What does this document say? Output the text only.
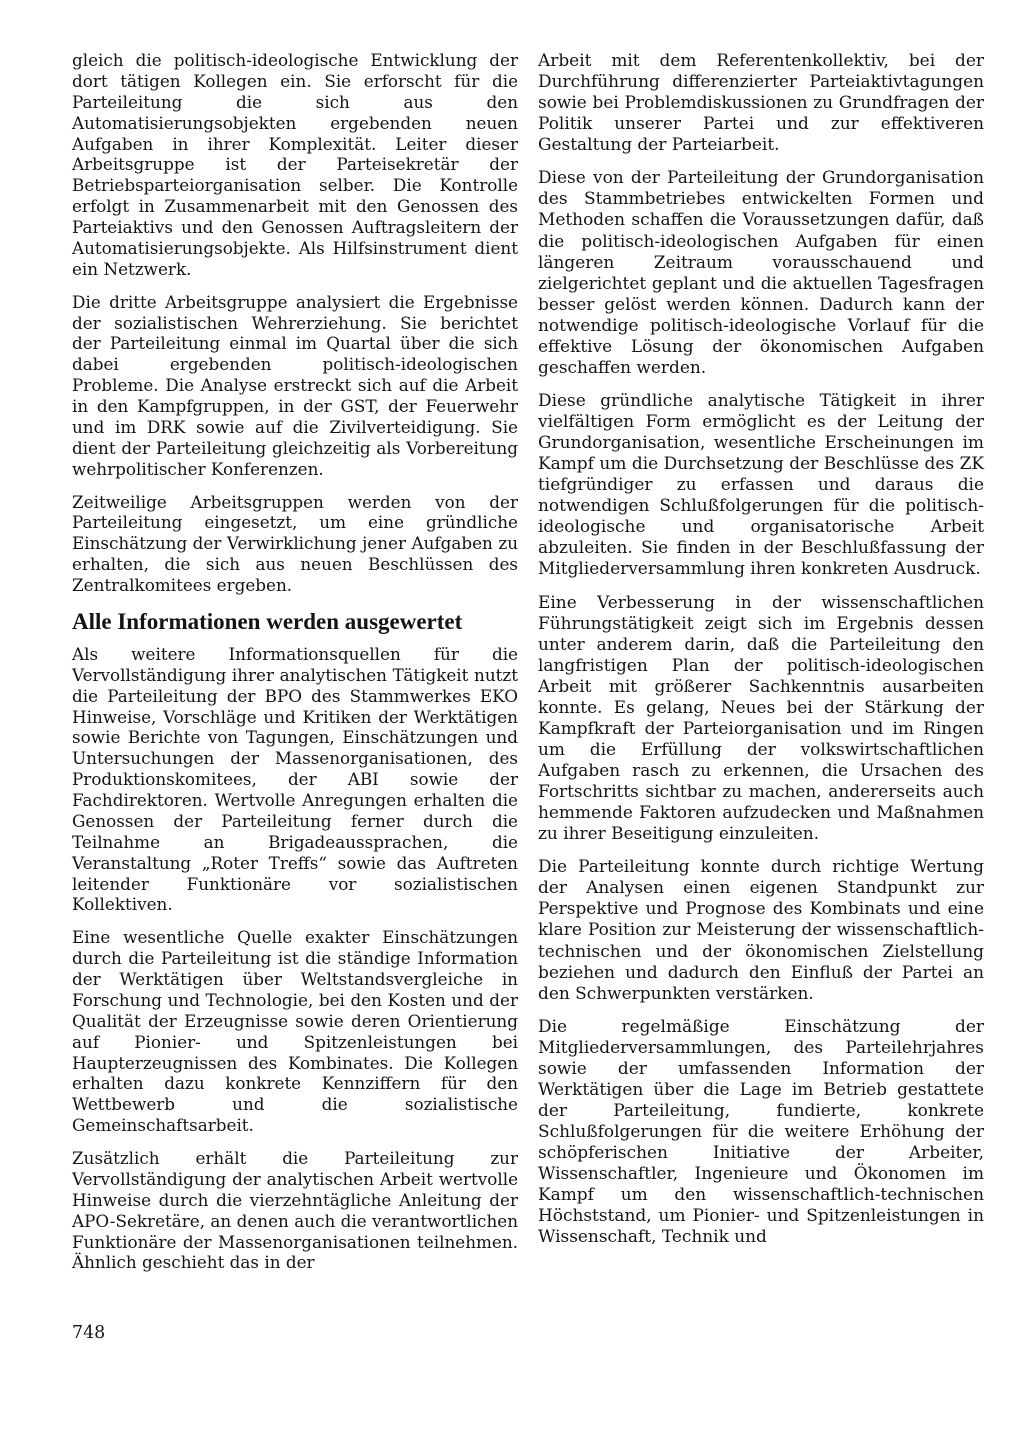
gleich die politisch-ideologische Entwicklung der dort tätigen Kollegen ein. Sie erforscht für die Parteileitung die sich aus den Automatisierungsobjekten ergebenden neuen Aufgaben in ihrer Komplexität. Leiter dieser Arbeitsgruppe ist der Parteisekretär der Betriebsparteiorganisation selber. Die Kontrolle erfolgt in Zusammenarbeit mit den Genossen des Parteiaktivs und den Genossen Auftragsleitern der Automatisierungsobjekte. Als Hilfsinstrument dient ein Netzwerk.

Die dritte Arbeitsgruppe analysiert die Ergebnisse der sozialistischen Wehrerziehung. Sie berichtet der Parteileitung einmal im Quartal über die sich dabei ergebenden politisch-ideologischen Probleme. Die Analyse erstreckt sich auf die Arbeit in den Kampfgruppen, in der GST, der Feuerwehr und im DRK sowie auf die Zivilverteidigung. Sie dient der Parteileitung gleichzeitig als Vorbereitung wehrpolitischer Konferenzen.

Zeitweilige Arbeitsgruppen werden von der Parteileitung eingesetzt, um eine gründliche Einschätzung der Verwirklichung jener Aufgaben zu erhalten, die sich aus neuen Beschlüssen des Zentralkomitees ergeben.

Alle Informationen werden ausgewertet

Als weitere Informationsquellen für die Vervollständigung ihrer analytischen Tätigkeit nutzt die Parteileitung der BPO des Stammwerkes EKO Hinweise, Vorschläge und Kritiken der Werktätigen sowie Berichte von Tagungen, Einschätzungen und Untersuchungen der Massenorganisationen, des Produktionskomitees, der ABI sowie der Fachdirektoren. Wertvolle Anregungen erhalten die Genossen der Parteileitung ferner durch die Teilnahme an Brigadeaussprachen, die Veranstaltung „Roter Treffs“ sowie das Auftreten leitender Funktionäre vor sozialistischen Kollektiven.

Eine wesentliche Quelle exakter Einschätzungen durch die Parteileitung ist die ständige Information der Werktätigen über Weltstandsvergleiche in Forschung und Technologie, bei den Kosten und der Qualität der Erzeugnisse sowie deren Orientierung auf Pionier- und Spitzenleistungen bei Haupterzeugnissen des Kombinates. Die Kollegen erhalten dazu konkrete Kennziffern für den Wettbewerb und die sozialistische Gemeinschaftsarbeit.

Zusätzlich erhält die Parteileitung zur Vervollständigung der analytischen Arbeit wertvolle Hinweise durch die vierzehntägliche Anleitung der APO-Sekretäre, an denen auch die verantwortlichen Funktionäre der Massenorganisationen teilnehmen. Ähnlich geschieht das in der

Arbeit mit dem Referentenkollektiv, bei der Durchführung differenzierter Parteiaktivtagungen sowie bei Problemdiskussionen zu Grundfragen der Politik unserer Partei und zur effektiveren Gestaltung der Parteiarbeit.

Diese von der Parteileitung der Grundorganisation des Stammbetriebes entwickelten Formen und Methoden schaffen die Voraussetzungen dafür, daß die politisch-ideologischen Aufgaben für einen längeren Zeitraum vorausschauend und zielgerichtet geplant und die aktuellen Tagesfragen besser gelöst werden können. Dadurch kann der notwendige politisch-ideologische Vorlauf für die effektive Lösung der ökonomischen Aufgaben geschaffen werden.

Diese gründliche analytische Tätigkeit in ihrer vielfältigen Form ermöglicht es der Leitung der Grundorganisation, wesentliche Erscheinungen im Kampf um die Durchsetzung der Beschlüsse des ZK tiefgründiger zu erfassen und daraus die notwendigen Schlußfolgerungen für die politisch-ideologische und organisatorische Arbeit abzuleiten. Sie finden in der Beschlußfassung der Mitgliederversammlung ihren konkreten Ausdruck.

Eine Verbesserung in der wissenschaftlichen Führungstätigkeit zeigt sich im Ergebnis dessen unter anderem darin, daß die Parteileitung den langfristigen Plan der politisch-ideologischen Arbeit mit größerer Sachkenntnis ausarbeiten konnte. Es gelang, Neues bei der Stärkung der Kampfkraft der Parteiorganisation und im Ringen um die Erfüllung der volkswirtschaftlichen Aufgaben rasch zu erkennen, die Ursachen des Fortschritts sichtbar zu machen, andererseits auch hemmende Faktoren aufzudecken und Maßnahmen zu ihrer Beseitigung einzuleiten.

Die Parteileitung konnte durch richtige Wertung der Analysen einen eigenen Standpunkt zur Perspektive und Prognose des Kombinats und eine klare Position zur Meisterung der wissenschaftlich-technischen und der ökonomischen Zielstellung beziehen und dadurch den Einfluß der Partei an den Schwerpunkten verstärken.

Die regelmäßige Einschätzung der Mitgliederversammlungen, des Parteilehrjahres sowie der umfassenden Information der Werktätigen über die Lage im Betrieb gestattete der Parteileitung, fundierte, konkrete Schlußfolgerungen für die weitere Erhöhung der schöpferischen Initiative der Arbeiter, Wissenschaftler, Ingenieure und Ökonomen im Kampf um den wissenschaftlich-technischen Höchststand, um Pionier- und Spitzenleistungen in Wissenschaft, Technik und

748
